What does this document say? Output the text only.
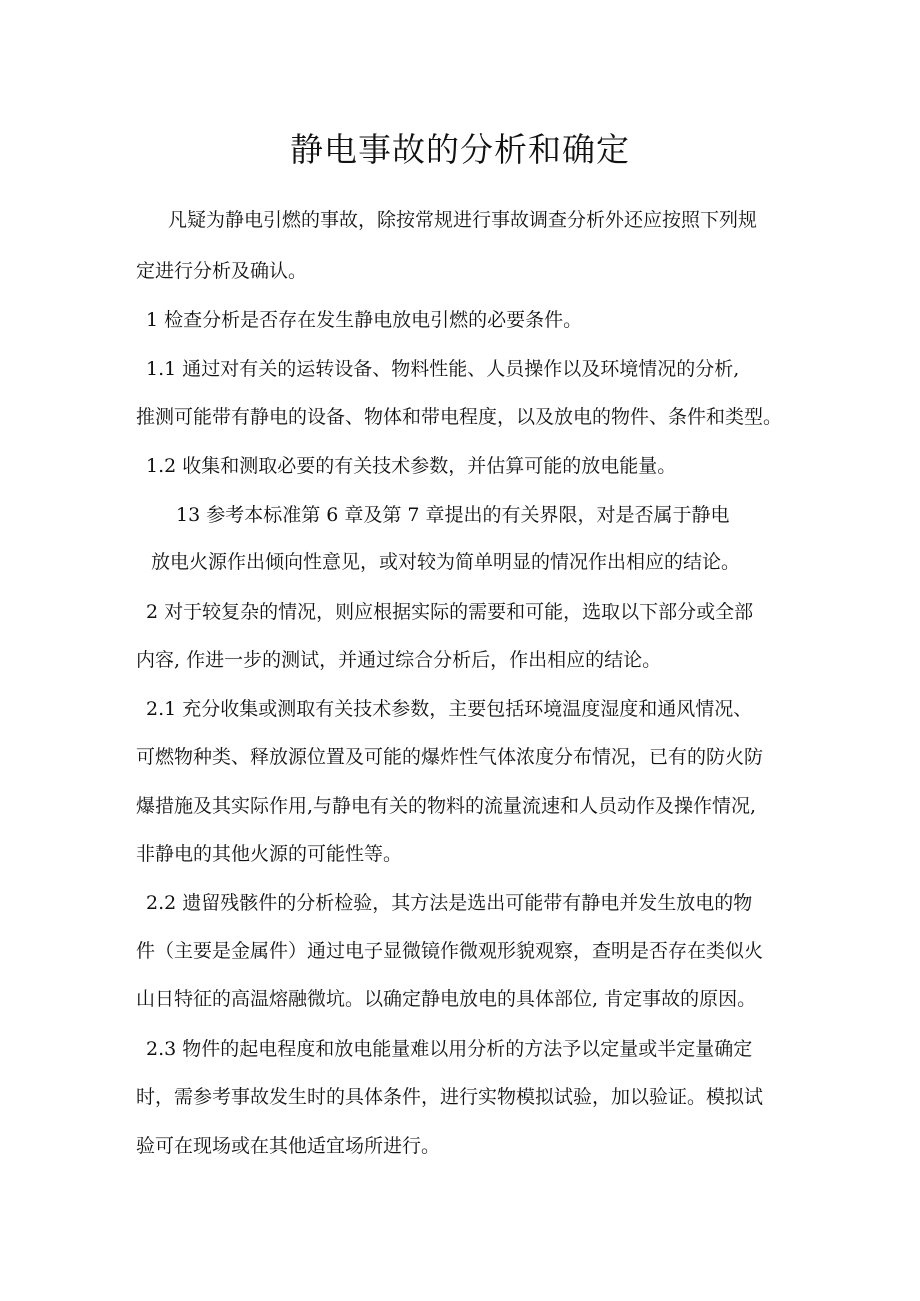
静电事故的分析和确定
凡疑为静电引燃的事故，除按常规进行事故调查分析外还应按照下列规
定进行分析及确认。
1 检查分析是否存在发生静电放电引燃的必要条件。
1.1 通过对有关的运转设备、物料性能、人员操作以及环境情况的分析,
推测可能带有静电的设备、物体和带电程度，以及放电的物件、条件和类型。
1.2 收集和测取必要的有关技术参数，并估算可能的放电能量。
13 参考本标准第 6 章及第 7 章提出的有关界限，对是否属于静电
放电火源作出倾向性意见，或对较为简单明显的情况作出相应的结论。
2 对于较复杂的情况，则应根据实际的需要和可能，选取以下部分或全部
内容, 作进一步的测试，并通过综合分析后，作出相应的结论。
2.1 充分收集或测取有关技术参数，主要包括环境温度湿度和通风情况、
可燃物种类、释放源位置及可能的爆炸性气体浓度分布情况，已有的防火防
爆措施及其实际作用,与静电有关的物料的流量流速和人员动作及操作情况,
非静电的其他火源的可能性等。
2.2 遗留残骸件的分析检验，其方法是选出可能带有静电并发生放电的物
件（主要是金属件）通过电子显微镜作微观形貌观察，查明是否存在类似火
山日特征的高温熔融微坑。以确定静电放电的具体部位, 肯定事故的原因。
2.3 物件的起电程度和放电能量难以用分析的方法予以定量或半定量确定
时，需参考事故发生时的具体条件，进行实物模拟试验，加以验证。模拟试
验可在现场或在其他适宜场所进行。
